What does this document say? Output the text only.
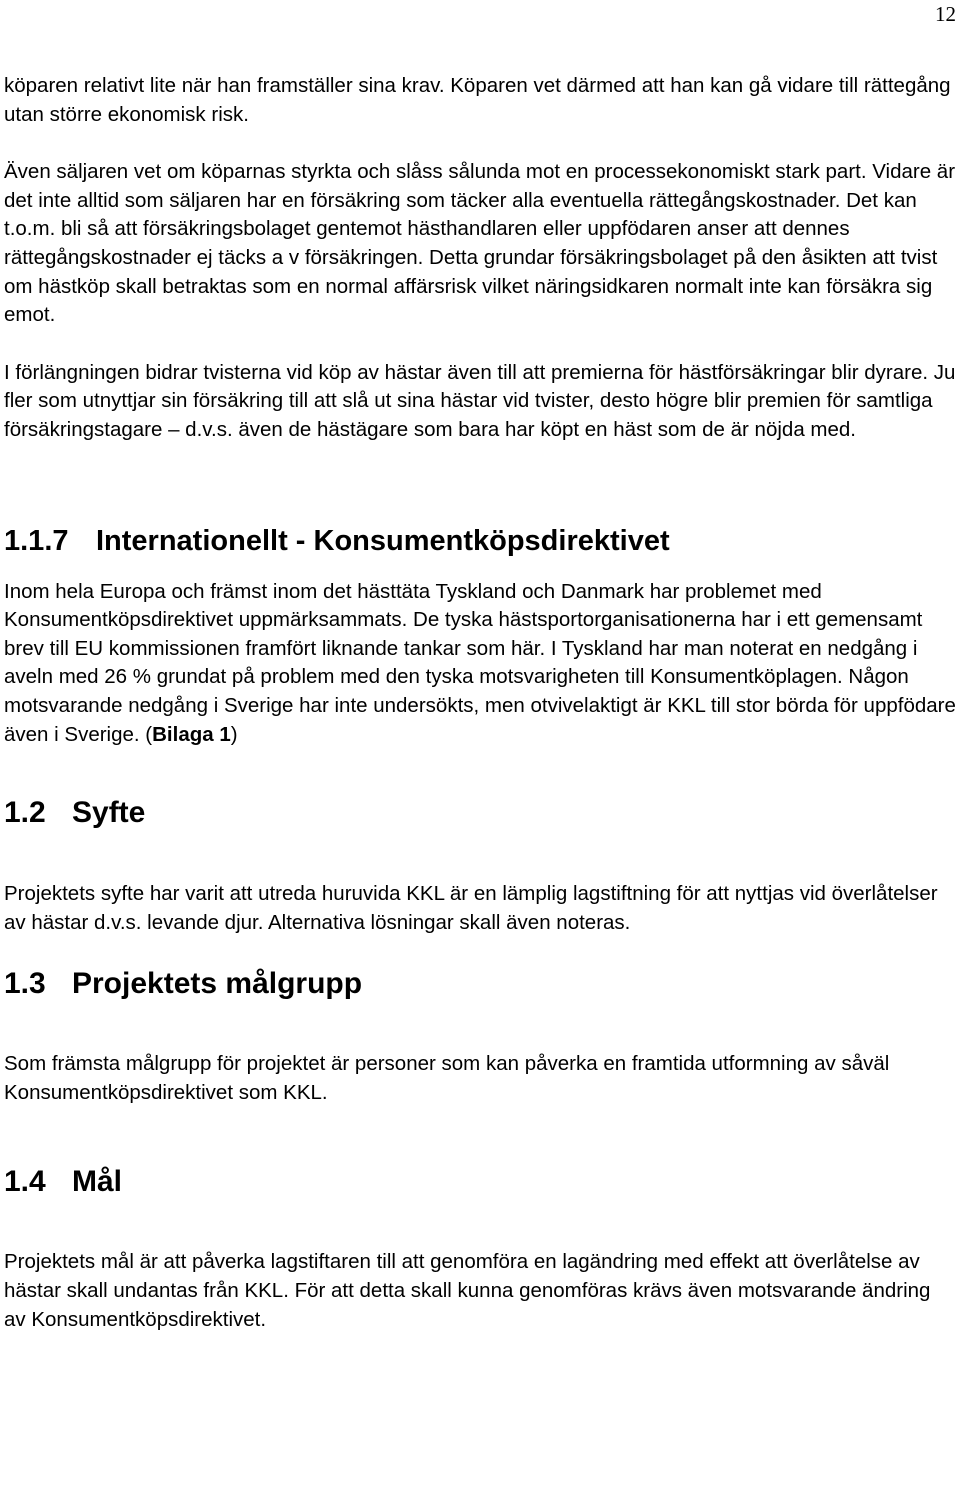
12

köparen relativt lite när han framställer sina krav. Köparen vet därmed att han kan gå vidare till rättegång utan större ekonomisk risk.

Även säljaren vet om köparnas styrkta och slåss sålunda mot en processekonomiskt stark part. Vidare är det inte alltid som säljaren har en försäkring som täcker alla eventuella rättegångskostnader. Det kan t.o.m. bli så att försäkringsbolaget gentemot hästhandlaren eller uppfödaren anser att dennes rättegångskostnader ej täcks a v försäkringen. Detta grundar försäkringsbolaget på den åsikten att tvist om hästköp skall betraktas som en normal affärsrisk vilket näringsidkaren normalt inte kan försäkra sig emot.

I förlängningen bidrar tvisterna vid köp av hästar även till att premierna för hästförsäkringar blir dyrare. Ju fler som utnyttjar sin försäkring till att slå ut sina hästar vid tvister, desto högre blir premien för samtliga försäkringstagare – d.v.s. även de hästägare som bara har köpt en häst som de är nöjda med.

1.1.7 Internationellt - Konsumentköpsdirektivet

Inom hela Europa och främst inom det hästtäta Tyskland och Danmark har problemet med Konsumentköpsdirektivet uppmärksammats. De tyska hästsportorganisationerna har i ett gemensamt brev till EU kommissionen framfört liknande tankar som här. I Tyskland har man noterat en nedgång i aveln med 26 % grundat på problem med den tyska motsvarigheten till Konsumentköplagen. Någon motsvarande nedgång i Sverige har inte undersökts, men otvivelaktigt är KKL till stor börda för uppfödare även i Sverige. (Bilaga 1)

1.2 Syfte

Projektets syfte har varit att utreda huruvida KKL är en lämplig lagstiftning för att nyttjas vid överlåtelser av hästar d.v.s. levande djur. Alternativa lösningar skall även noteras.

1.3 Projektets målgrupp

Som främsta målgrupp för projektet är personer som kan påverka en framtida utformning av såväl Konsumentköpsdirektivet som KKL.

1.4 Mål

Projektets mål är att påverka lagstiftaren till att genomföra en lagändring med effekt att överlåtelse av hästar skall undantas från KKL. För att detta skall kunna genomföras krävs även motsvarande ändring av Konsumentköpsdirektivet.
